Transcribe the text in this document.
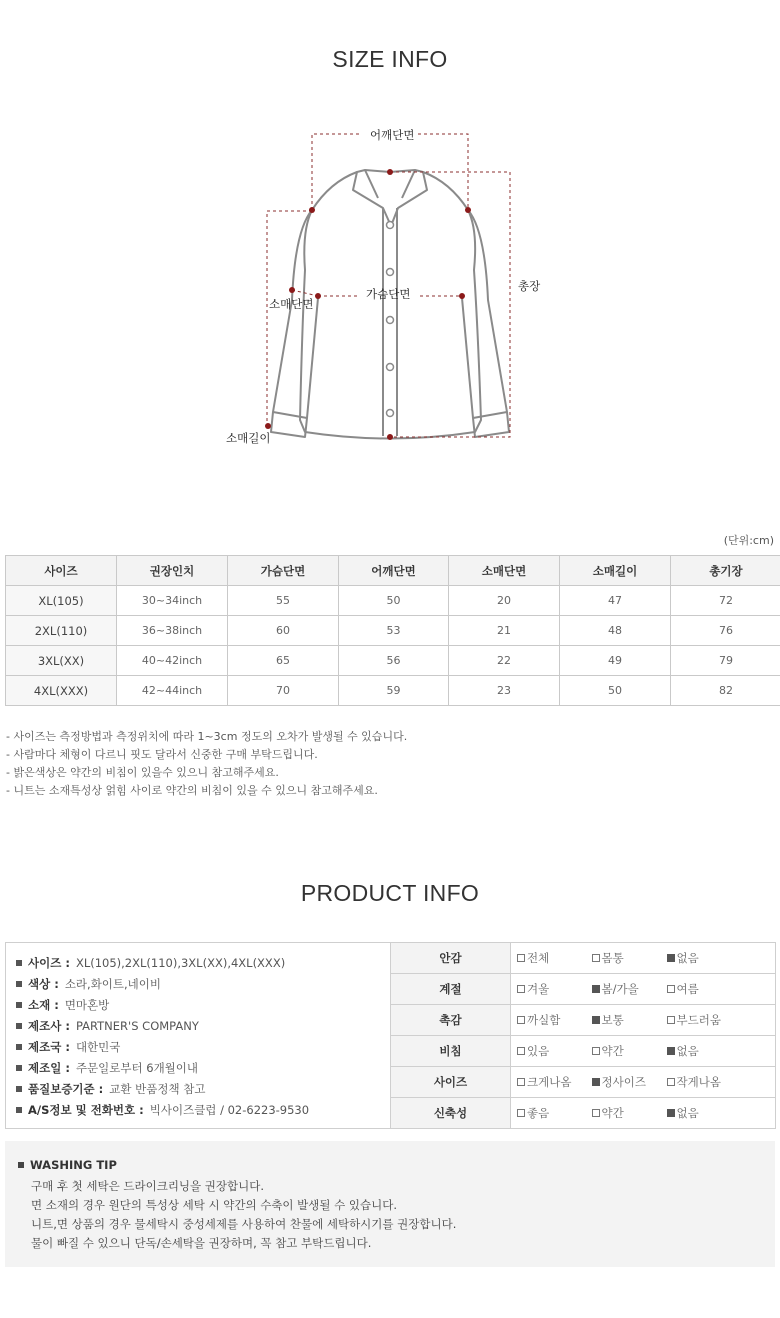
SIZE INFO
어깨단면
총장
가슴단면
소매단면
소매길이
(단위:cm)
사이즈	권장인치	가슴단면	어깨단면	소매단면	소매길이	총기장
XL(105)	30~34inch	55	50	20	47	72
2XL(110)	36~38inch	60	53	21	48	76
3XL(XX)	40~42inch	65	56	22	49	79
4XL(XXX)	42~44inch	70	59	23	50	82
- 사이즈는 측정방법과 측정위치에 따라 1~3cm 정도의 오차가 발생될 수 있습니다.
- 사람마다 체형이 다르니 핏도 달라서 신중한 구매 부탁드립니다.
- 밝은색상은 약간의 비침이 있을수 있으니 참고해주세요.
- 니트는 소재특성상 얽힘 사이로 약간의 비침이 있을 수 있으니 참고해주세요.
PRODUCT INFO
사이즈 : XL(105),2XL(110),3XL(XX),4XL(XXX)
색상 : 소라,화이트,네이비
소재 : 면마혼방
제조사 : PARTNER'S COMPANY
제조국 : 대한민국
제조일 : 주문일로부터 6개월이내
품질보증기준 : 교환 반품정책 참고
A/S정보 및 전화번호 : 빅사이즈클럽 / 02-6223-9530
안감	전체	몸통	없음
계절	겨울	봄/가을	여름
촉감	까실함	보통	부드러움
비침	있음	약간	없음
사이즈	크게나옴	정사이즈	작게나옴
신축성	좋음	약간	없음
WASHING TIP
구매 후 첫 세탁은 드라이크리닝을 권장합니다.
면 소재의 경우 원단의 특성상 세탁 시 약간의 수축이 발생될 수 있습니다.
니트,면 상품의 경우 물세탁시 중성세제를 사용하여 찬물에 세탁하시기를 권장합니다.
물이 빠질 수 있으니 단독/손세탁을 권장하며, 꼭 참고 부탁드립니다.
